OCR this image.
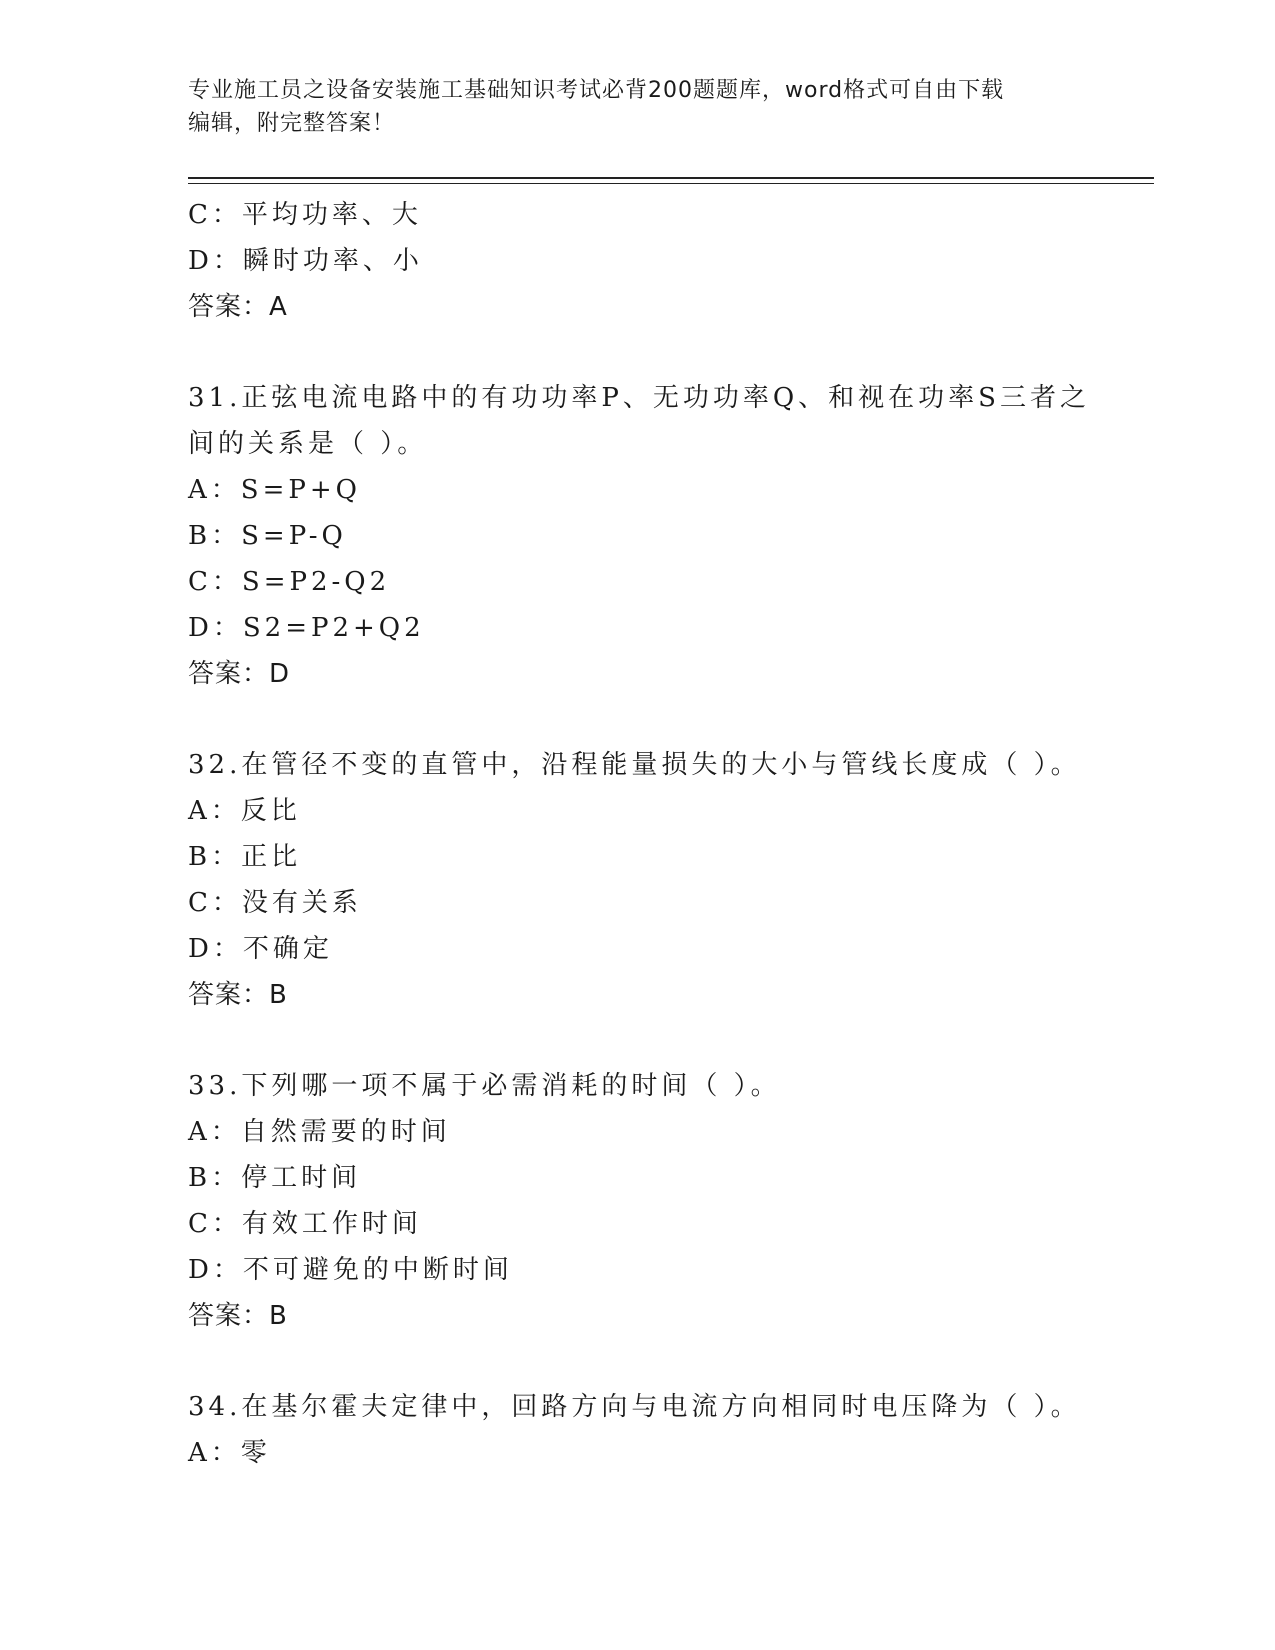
专业施工员之设备安装施工基础知识考试必背200题题库，word格式可自由下载
编辑，附完整答案！
C：平均功率、大
D：瞬时功率、小
答案：A
31.正弦电流电路中的有功功率P、无功功率Q、和视在功率S三者之
间的关系是（ ）。
A：S=P+Q
B：S=P-Q
C：S=P2-Q2
D：S2=P2+Q2
答案：D
32.在管径不变的直管中，沿程能量损失的大小与管线长度成（ ）。
A：反比
B：正比
C：没有关系
D：不确定
答案：B
33.下列哪一项不属于必需消耗的时间（ ）。
A：自然需要的时间
B：停工时间
C：有效工作时间
D：不可避免的中断时间
答案：B
34.在基尔霍夫定律中，回路方向与电流方向相同时电压降为（ ）。
A：零
